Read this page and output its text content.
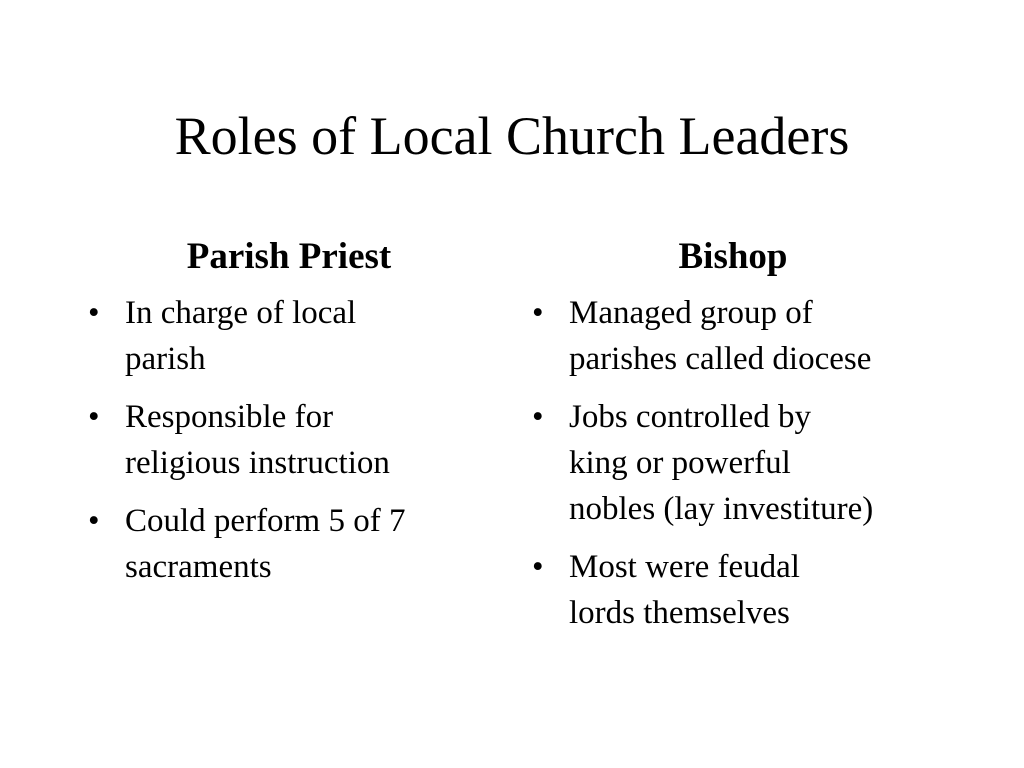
Roles of Local Church Leaders
Parish Priest
• In charge of local
parish
• Responsible for
religious instruction
• Could perform 5 of 7
sacraments
Bishop
• Managed group of
parishes called diocese
• Jobs controlled by
king or powerful
nobles (lay investiture)
• Most were feudal
lords themselves
